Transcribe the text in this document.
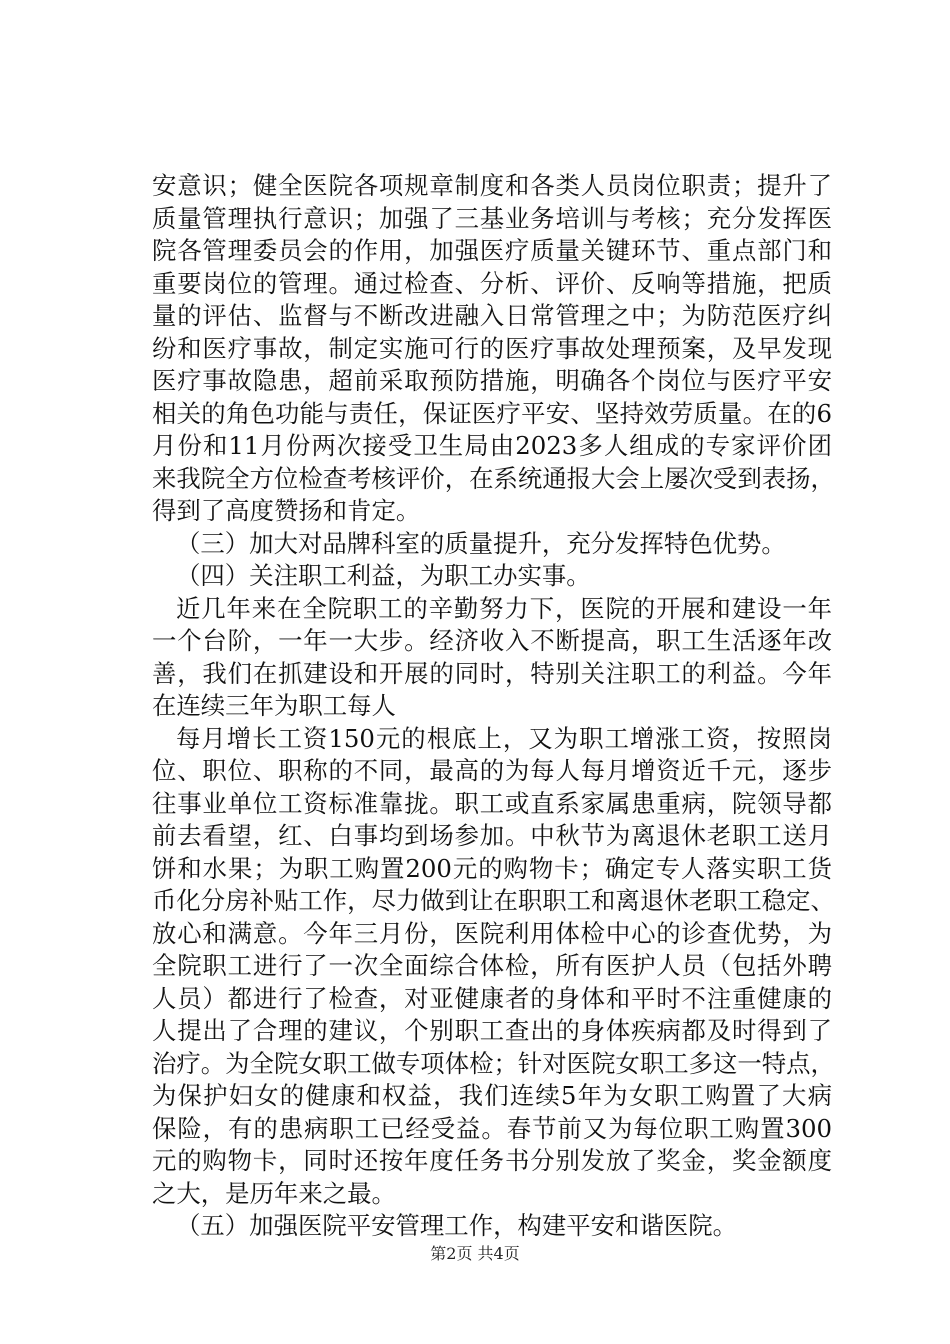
安意识；健全医院各项规章制度和各类人员岗位职责；提升了
质量管理执行意识；加强了三基业务培训与考核；充分发挥医
院各管理委员会的作用，加强医疗质量关键环节、重点部门和
重要岗位的管理。通过检查、分析、评价、反响等措施，把质
量的评估、监督与不断改进融入日常管理之中；为防范医疗纠
纷和医疗事故，制定实施可行的医疗事故处理预案，及早发现
医疗事故隐患，超前采取预防措施，明确各个岗位与医疗平安
相关的角色功能与责任，保证医疗平安、坚持效劳质量。在的6
月份和11月份两次接受卫生局由2023多人组成的专家评价团
来我院全方位检查考核评价，在系统通报大会上屡次受到表扬，
得到了高度赞扬和肯定。
（三）加大对品牌科室的质量提升，充分发挥特色优势。
（四）关注职工利益，为职工办实事。
近几年来在全院职工的辛勤努力下，医院的开展和建设一年
一个台阶，一年一大步。经济收入不断提高，职工生活逐年改
善，我们在抓建设和开展的同时，特别关注职工的利益。今年
在连续三年为职工每人
每月增长工资150元的根底上，又为职工增涨工资，按照岗
位、职位、职称的不同，最高的为每人每月增资近千元，逐步
往事业单位工资标准靠拢。职工或直系家属患重病，院领导都
前去看望，红、白事均到场参加。中秋节为离退休老职工送月
饼和水果；为职工购置200元的购物卡；确定专人落实职工货
币化分房补贴工作，尽力做到让在职职工和离退休老职工稳定、
放心和满意。今年三月份，医院利用体检中心的诊查优势，为
全院职工进行了一次全面综合体检，所有医护人员（包括外聘
人员）都进行了检查，对亚健康者的身体和平时不注重健康的
人提出了合理的建议，个别职工查出的身体疾病都及时得到了
治疗。为全院女职工做专项体检；针对医院女职工多这一特点，
为保护妇女的健康和权益，我们连续5年为女职工购置了大病
保险，有的患病职工已经受益。春节前又为每位职工购置300
元的购物卡，同时还按年度任务书分别发放了奖金，奖金额度
之大，是历年来之最。
（五）加强医院平安管理工作，构建平安和谐医院。
第2页 共4页
